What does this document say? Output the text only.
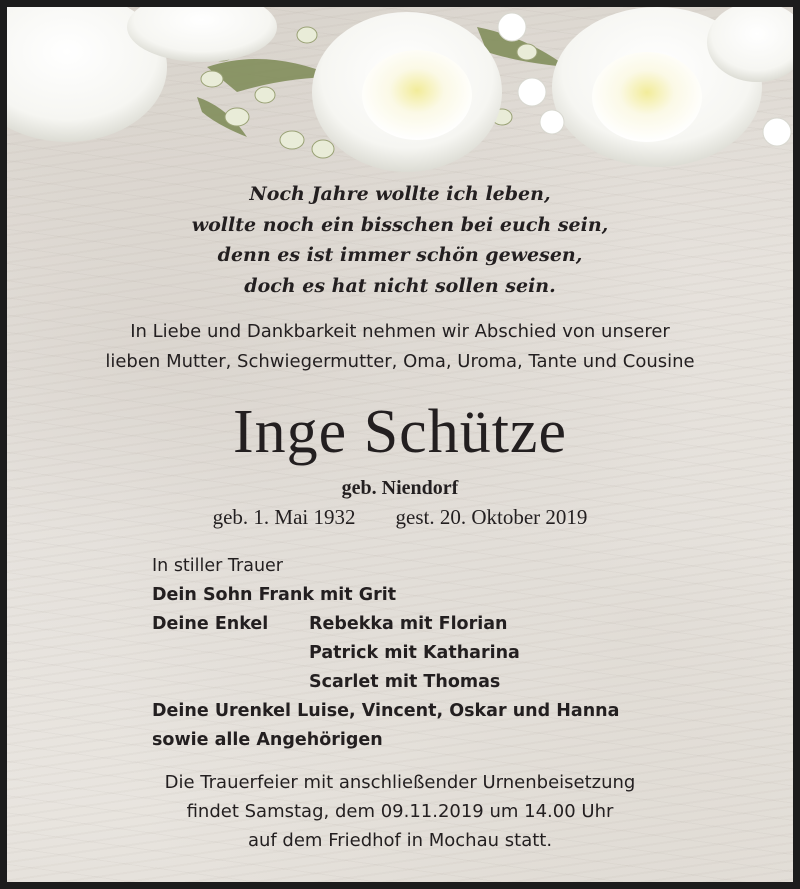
Noch Jahre wollte ich leben,
wollte noch ein bisschen bei euch sein,
denn es ist immer schön gewesen,
doch es hat nicht sollen sein.
In Liebe und Dankbarkeit nehmen wir Abschied von unserer
lieben Mutter, Schwiegermutter, Oma, Uroma, Tante und Cousine
Inge Schütze
geb. Niendorf
geb. 1. Mai 1932 gest. 20. Oktober 2019
In stiller Trauer
Dein Sohn Frank mit Grit
Deine Enkel Rebekka mit Florian
Patrick mit Katharina
Scarlet mit Thomas
Deine Urenkel Luise, Vincent, Oskar und Hanna
sowie alle Angehörigen
Die Trauerfeier mit anschließender Urnenbeisetzung
findet Samstag, dem 09.11.2019 um 14.00 Uhr
auf dem Friedhof in Mochau statt.
